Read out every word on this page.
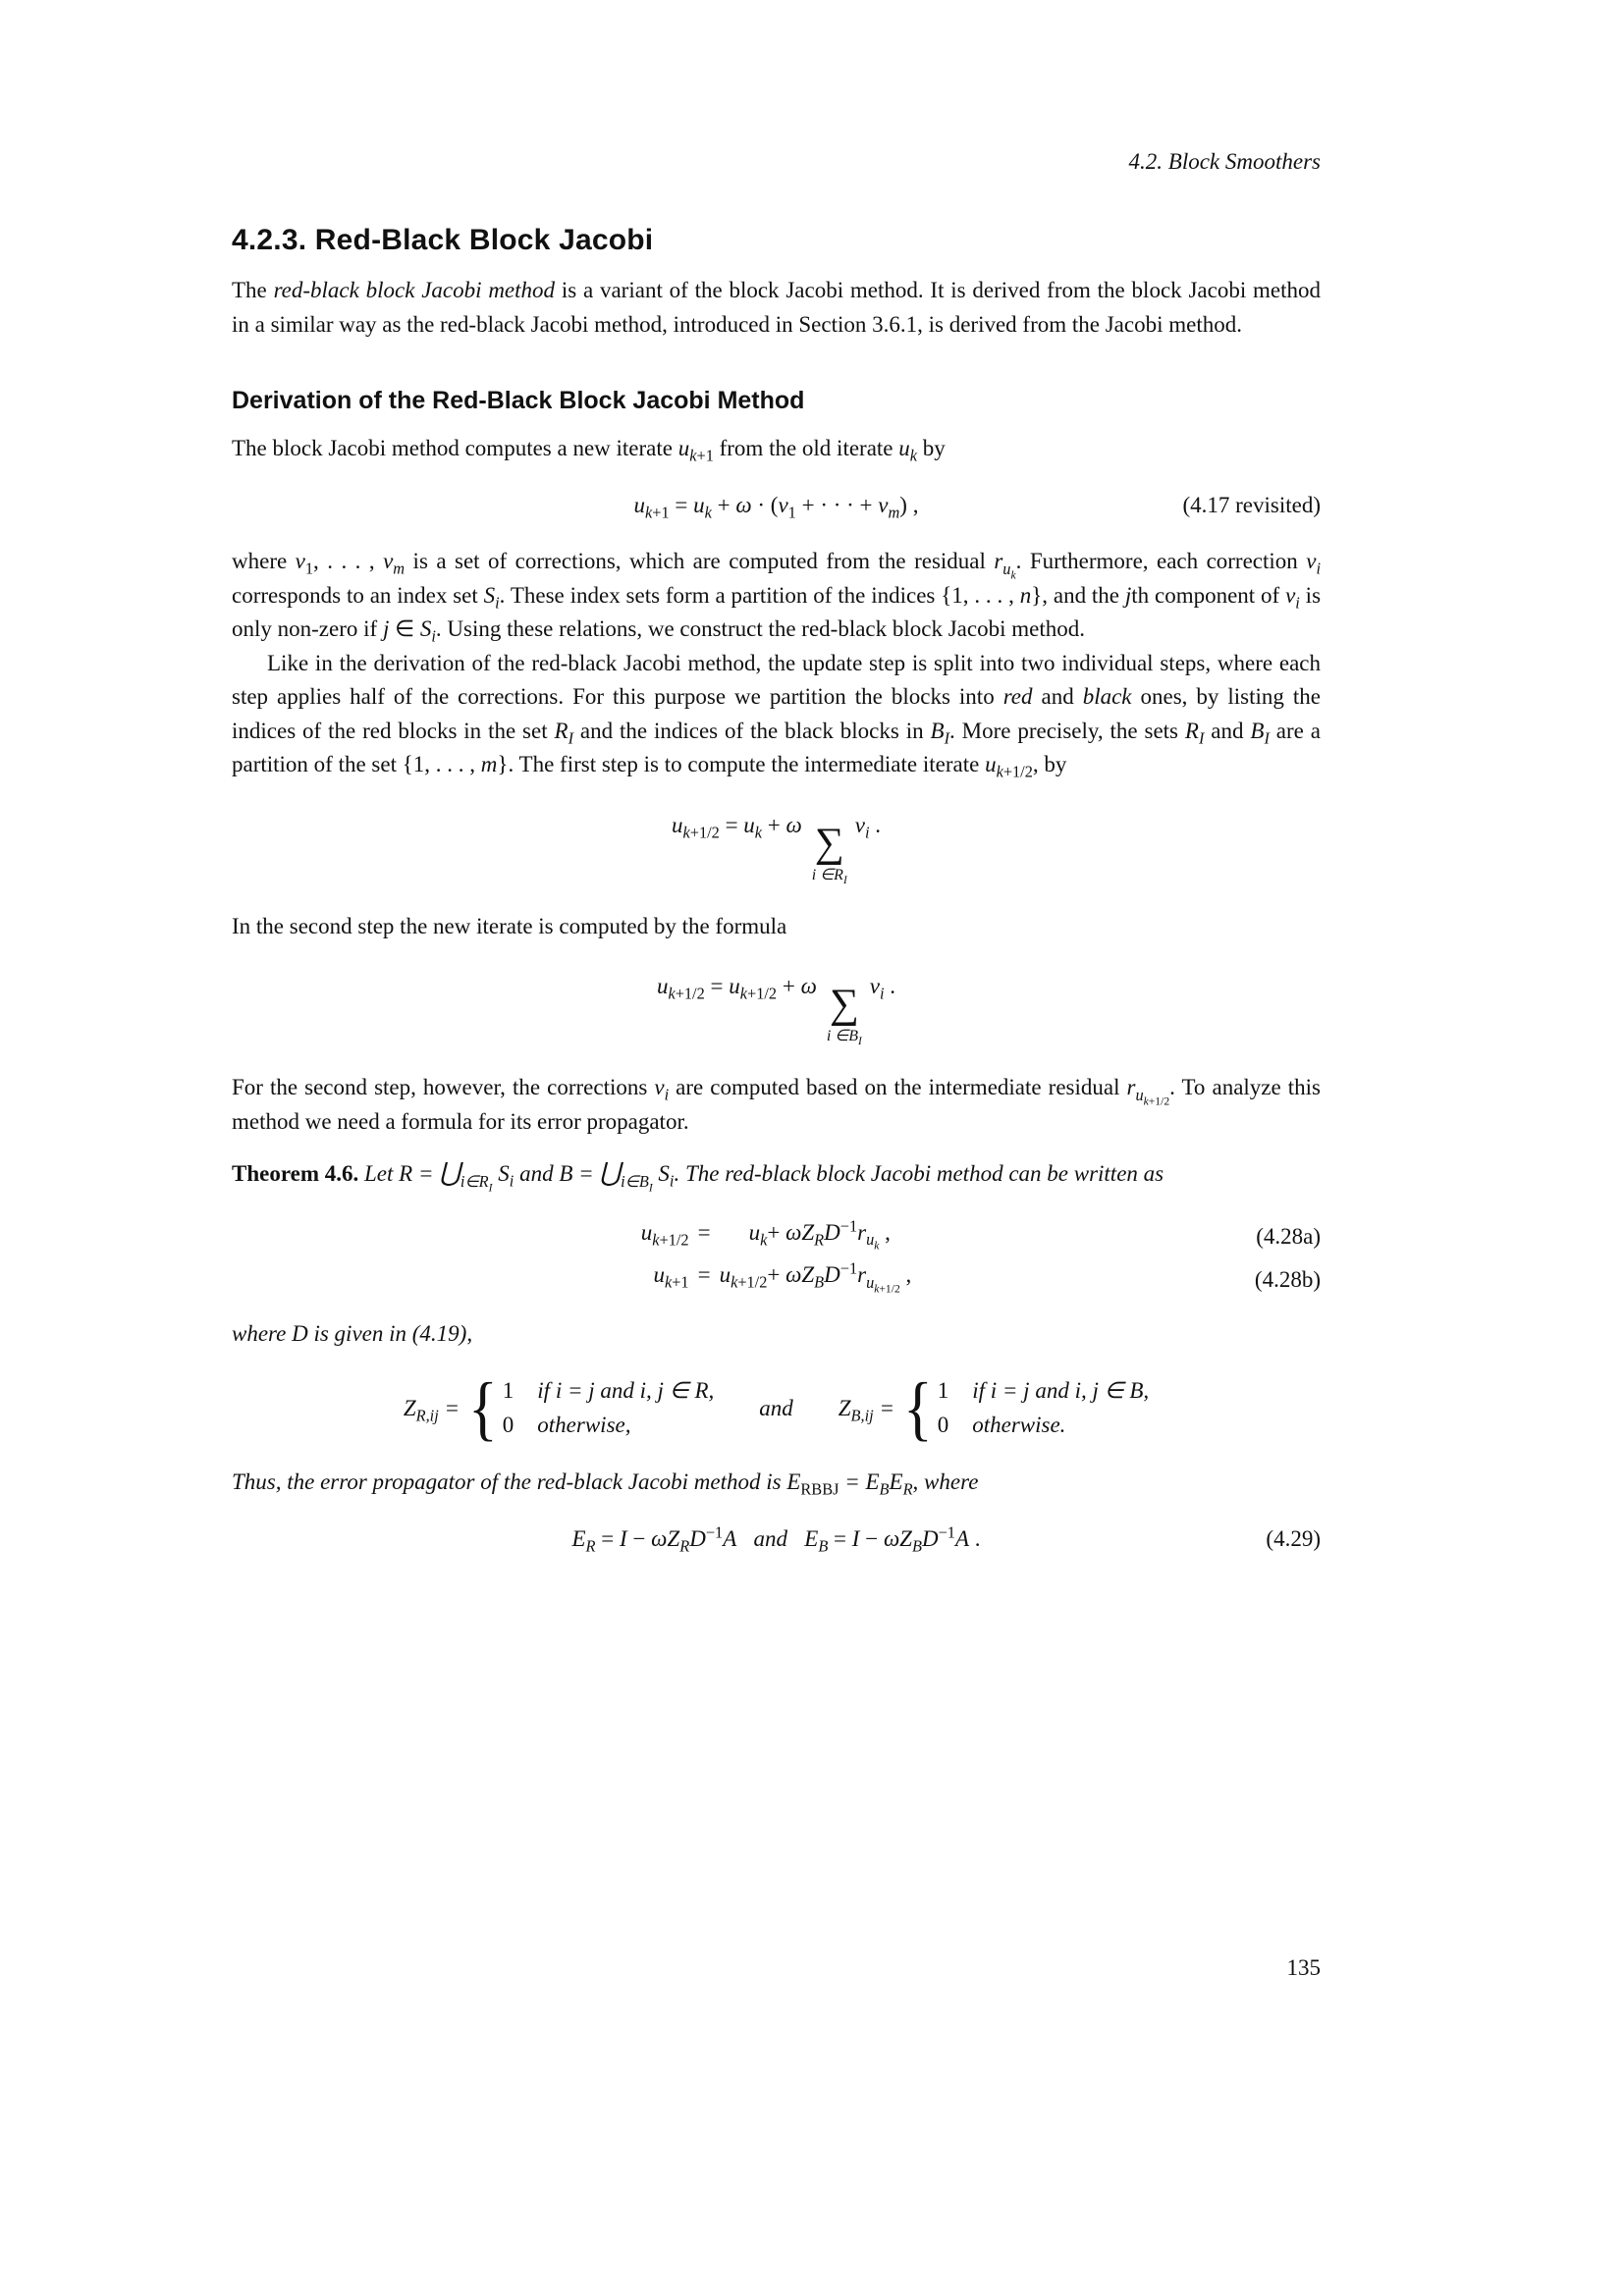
4.2. Block Smoothers
4.2.3. Red-Black Block Jacobi

The red-black block Jacobi method is a variant of the block Jacobi method. It is derived from the block Jacobi method in a similar way as the red-black Jacobi method, introduced in Section 3.6.1, is derived from the Jacobi method.

Derivation of the Red-Black Block Jacobi Method

The block Jacobi method computes a new iterate $u_{k+1}$ from the old iterate $u_k$ by

$u_{k+1} = u_k + \omega \cdot (v_1$ + · · · + $v_m$) ,	(4.17 revisited)

where $v_1$, . . . , $v_m$ is a set of corrections, which are computed from the residual $r_{u_k}$. Furthermore, each correction $v_i$ corresponds to an index set $S_i$. These index sets form a partition of the indices {1, . . . , n}, and the jth component of $v_i$ is only non-zero if j ∈ $S_i$. Using these relations, we construct the red-black block Jacobi method.

Like in the derivation of the red-black Jacobi method, the update step is split into two individual steps, where each step applies half of the corrections. For this purpose we partition the blocks into red and black ones, by listing the indices of the red blocks in the set $R_I$ and the indices of the black blocks in $B_I$. More precisely, the sets $R_I$ and $B_I$ are a partition of the set {1, . . . , m}. The first step is to compute the intermediate iterate $u_{k+1/2}$, by

$u_{k+1/2} = u_k + \omega$ ∑
i $\in R_I$
$v_i$ .

In the second step the new iterate is computed by the formula

$u_{k+1/2} = u_{k+1/2} + \omega$ ∑
i $\in B_I$
$v_i$ .

For the second step, however, the corrections $v_i$ are computed based on the intermediate residual $r_{u_{k+1/2}}$. To analyze this method we need a formula for its error propagator.

Theorem 4.6. Let $R = ⋃_{i\in R_I}$ $S_i$ and $B = ⋃_{i\in B_I}$ $S_i$. The red-black block Jacobi method can be written as

$u_{k+1/2}$ =	$u_k + \omega Z_RD^{-1}r_{u_k}$ ,
$u_{k+1} = u_{k+1/2} + \omega Z_BD^{-1}r_{u_{k+1/2}}$ ,
(4.28a)
(4.28b)

where D is given in (4.19),

$Z_{R,ij}$ = { 1 if i = j and i, j ∈ R,
0 otherwise,
and $Z_{B,ij}$ = { 1 if i = j and i, j ∈ B,
0 otherwise.

Thus, the error propagator of the red-black Jacobi method is $E_{RBBJ} = E_BE_R$, where

$E_R = I - \omega Z_RD^{-1}A$ and $E_B = I - \omega Z_BD^{-1}A$ .	(4.29)
135
